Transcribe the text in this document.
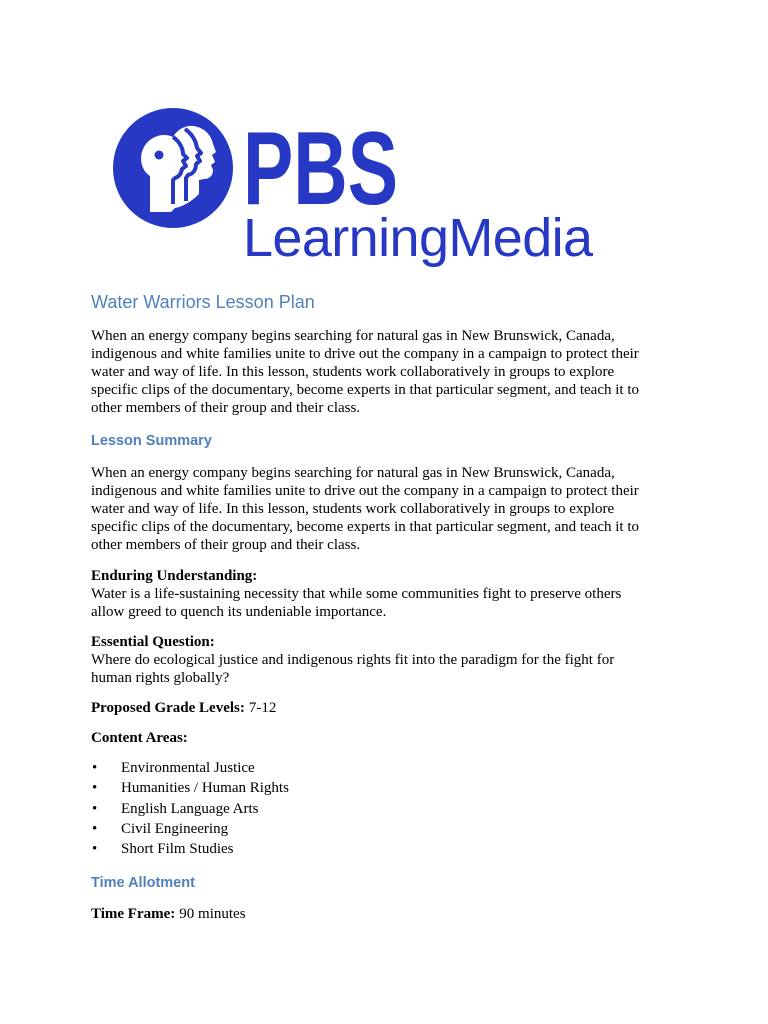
PBS
LearningMedia
Water Warriors Lesson Plan
When an energy company begins searching for natural gas in New Brunswick, Canada,
indigenous and white families unite to drive out the company in a campaign to protect their
water and way of life. In this lesson, students work collaboratively in groups to explore
specific clips of the documentary, become experts in that particular segment, and teach it to
other members of their group and their class.
Lesson Summary
When an energy company begins searching for natural gas in New Brunswick, Canada,
indigenous and white families unite to drive out the company in a campaign to protect their
water and way of life. In this lesson, students work collaboratively in groups to explore
specific clips of the documentary, become experts in that particular segment, and teach it to
other members of their group and their class.
Enduring Understanding:
Water is a life-sustaining necessity that while some communities fight to preserve others
allow greed to quench its undeniable importance.
Essential Question:
Where do ecological justice and indigenous rights fit into the paradigm for the fight for
human rights globally?
Proposed Grade Levels: 7-12
Content Areas:
• Environmental Justice
• Humanities / Human Rights
• English Language Arts
• Civil Engineering
• Short Film Studies
Time Allotment
Time Frame: 90 minutes
